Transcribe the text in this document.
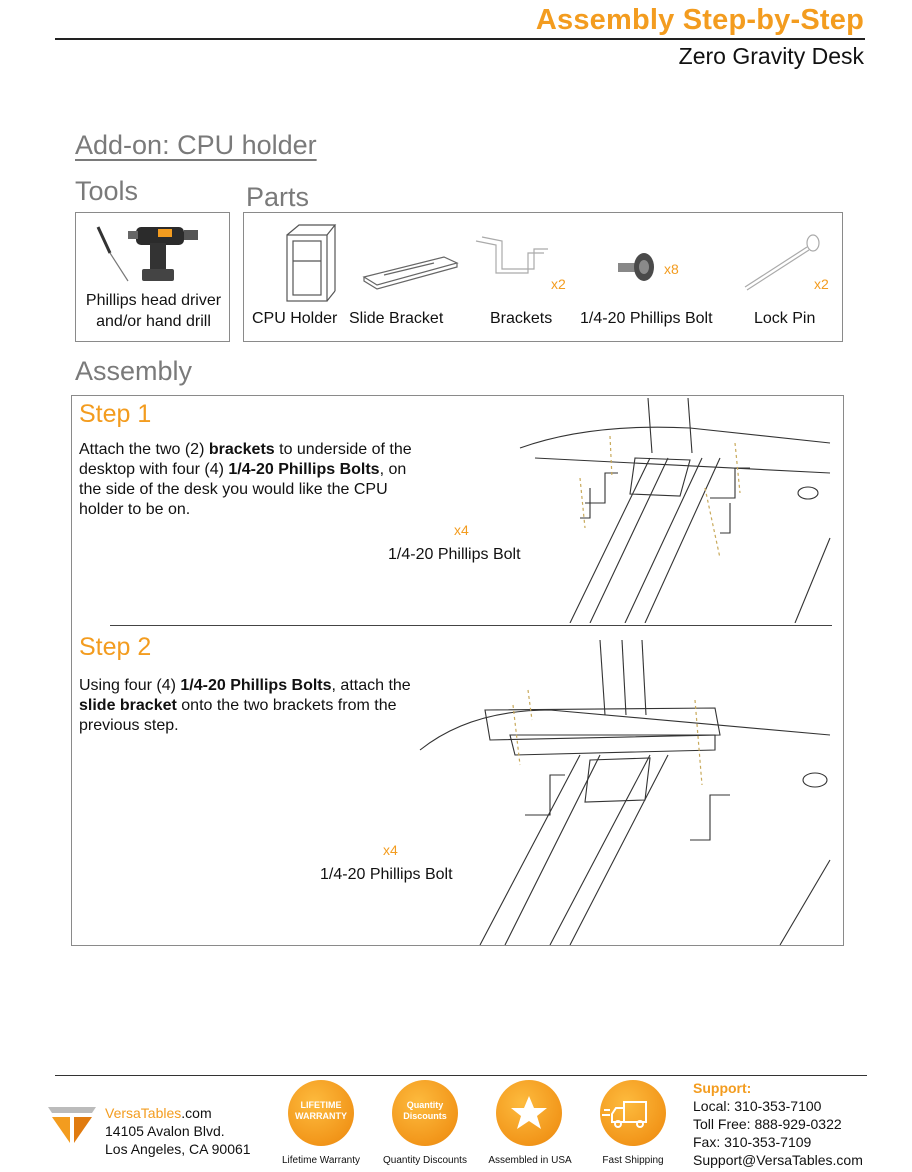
Assembly Step-by-Step
Zero Gravity Desk
Add-on: CPU holder
Tools	Parts
Phillips head driver
and/or hand drill	CPU Holder Slide Bracket
x2
Brackets
x8
1/4-20 Phillips Bolt
x2
Lock Pin
Assembly
Step 1
Attach the two (2) brackets to underside of the desktop with four (4) 1/4-20 Phillips Bolts, on the side of the desk you would like the CPU holder to be on.
x4
1/4-20 Phillips Bolt
Step 2
Using four (4) 1/4-20 Phillips Bolts, attach the slide bracket onto the two brackets from the previous step.
x4
1/4-20 Phillips Bolt
VersaTables.com
14105 Avalon Blvd.
Los Angeles, CA 90061
LIFETIME WARRANTY
Lifetime Warranty
Quantity Discounts
Quantity Discounts	Assembled in USA	Fast Shipping
Support:
Local: 310-353-7100
Toll Free: 888-929-0322
Fax: 310-353-7109
Support@VersaTables.com
